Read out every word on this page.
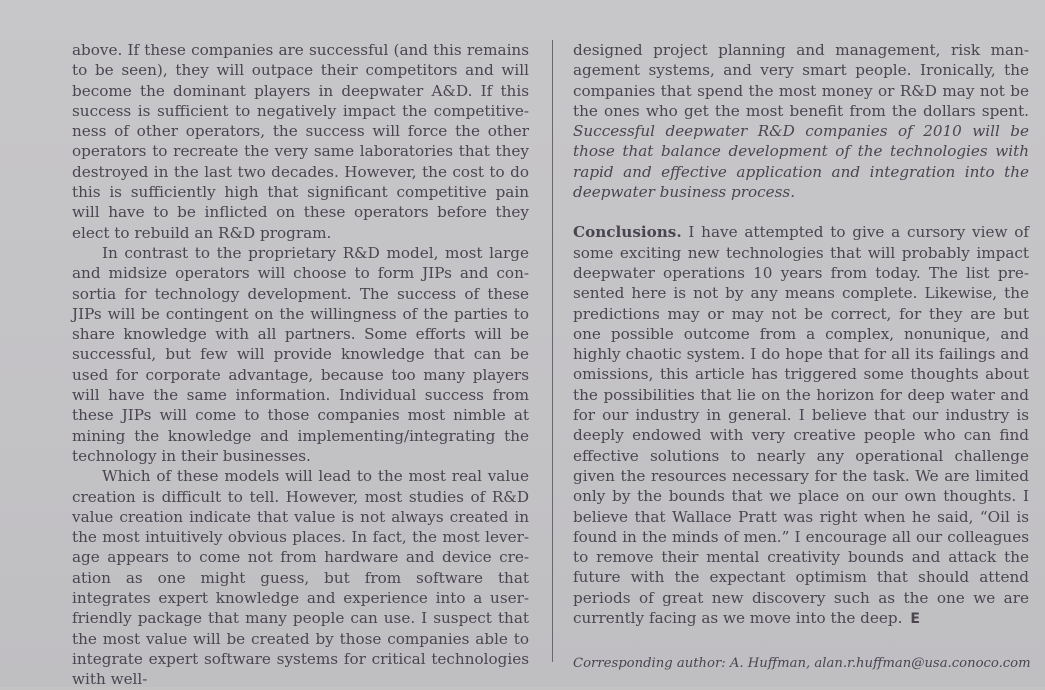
above. If these companies are successful (and this remains to be seen), they will outpace their competitors and will become the dominant players in deepwater A&D. If this success is sufficient to negatively impact the competitiveness of other operators, the success will force the other operators to recreate the very same laboratories that they destroyed in the last two decades. However, the cost to do this is sufficiently high that significant competitive pain will have to be inflicted on these operators before they elect to rebuild an R&D program.

In contrast to the proprietary R&D model, most large and midsize operators will choose to form JIPs and consortia for technology development. The success of these JIPs will be contingent on the willingness of the parties to share knowledge with all partners. Some efforts will be successful, but few will provide knowledge that can be used for corporate advantage, because too many players will have the same information. Individual success from these JIPs will come to those companies most nimble at mining the knowledge and implementing/integrating the technology in their businesses.

Which of these models will lead to the most real value creation is difficult to tell. However, most studies of R&D value creation indicate that value is not always created in the most intuitively obvious places. In fact, the most leverage appears to come not from hardware and device creation as one might guess, but from software that integrates expert knowledge and experience into a user-friendly package that many people can use. I suspect that the most value will be created by those companies able to integrate expert software systems for critical technologies with well-

designed project planning and management, risk management systems, and very smart people. Ironically, the companies that spend the most money or R&D may not be the ones who get the most benefit from the dollars spent. Successful deepwater R&D companies of 2010 will be those that balance development of the technologies with rapid and effective application and integration into the deepwater business process.

Conclusions. I have attempted to give a cursory view of some exciting new technologies that will probably impact deepwater operations 10 years from today. The list presented here is not by any means complete. Likewise, the predictions may or may not be correct, for they are but one possible outcome from a complex, nonunique, and highly chaotic system. I do hope that for all its failings and omissions, this article has triggered some thoughts about the possibilities that lie on the horizon for deep water and for our industry in general. I believe that our industry is deeply endowed with very creative people who can find effective solutions to nearly any operational challenge given the resources necessary for the task. We are limited only by the bounds that we place on our own thoughts. I believe that Wallace Pratt was right when he said, “Oil is found in the minds of men.” I encourage all our colleagues to remove their mental creativity bounds and attack the future with the expectant optimism that should attend periods of great new discovery such as the one we are currently facing as we move into the deep. E

Corresponding author: A. Huffman, alan.r.huffman@usa.conoco.com
